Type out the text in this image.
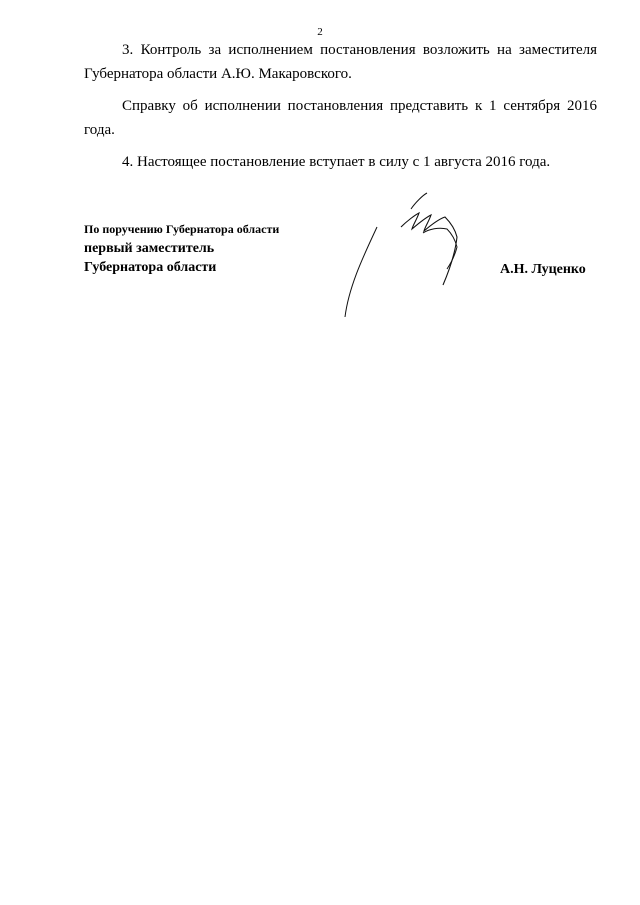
2

3. Контроль за исполнением постановления возложить на заместителя Губернатора области А.Ю. Макаровского.

Справку об исполнении постановления представить к 1 сентября 2016 года.

4. Настоящее постановление вступает в силу с 1 августа 2016 года.

По поручению Губернатора области
первый заместитель
Губернатора области	А.Н. Луценко
